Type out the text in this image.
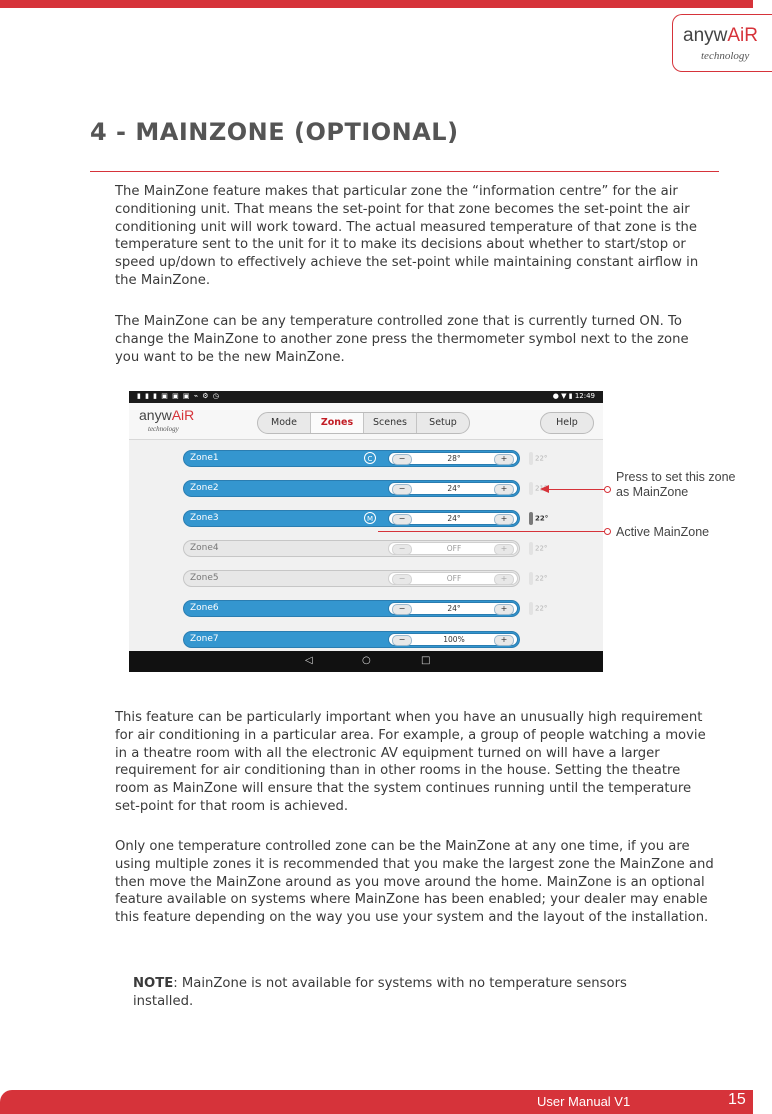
anywAiR
technology
4 - MAINZONE (OPTIONAL)

The MainZone feature makes that particular zone the “information centre” for the air conditioning unit. That means the set-point for that zone becomes the set-point the air conditioning unit will work toward. The actual measured temperature of that zone is the temperature sent to the unit for it to make its decisions about whether to start/stop or speed up/down to effectively achieve the set-point while maintaining constant airflow in the MainZone.

The MainZone can be any temperature controlled zone that is currently turned ON. To change the MainZone to another zone press the thermometer symbol next to the zone you want to be the new MainZone.

▮ ▮ ▮ ▣ ▣ ▣ ⌁ ⚙ ◷	● ▼ ▮ 12:49
anywAiR
technology
Mode	Zones	Scenes	Setup	Help
Zone1	C	−	28°	+	22°
Zone2	−	24°	+	21°
Zone3	M	−	24°	+	22°
Zone4	−	OFF	+	22°
Zone5	−	OFF	+	22°
Zone6	−	24°	+	22°
Zone7	−	100%	+
◁	○	□
Press to set this zone as MainZone
Active MainZone

This feature can be particularly important when you have an unusually high requirement for air conditioning in a particular area. For example, a group of people watching a movie in a theatre room with all the electronic AV equipment turned on will have a larger requirement for air conditioning than in other rooms in the house. Setting the theatre room as MainZone will ensure that the system continues running until the temperature set-point for that room is achieved.

Only one temperature controlled zone can be the MainZone at any one time, if you are using multiple zones it is recommended that you make the largest zone the MainZone and then move the MainZone around as you move around the home. MainZone is an optional feature available on systems where MainZone has been enabled; your dealer may enable this feature depending on the way you use your system and the layout of the installation.

NOTE: MainZone is not available for systems with no temperature sensors installed.

User Manual V1	15
